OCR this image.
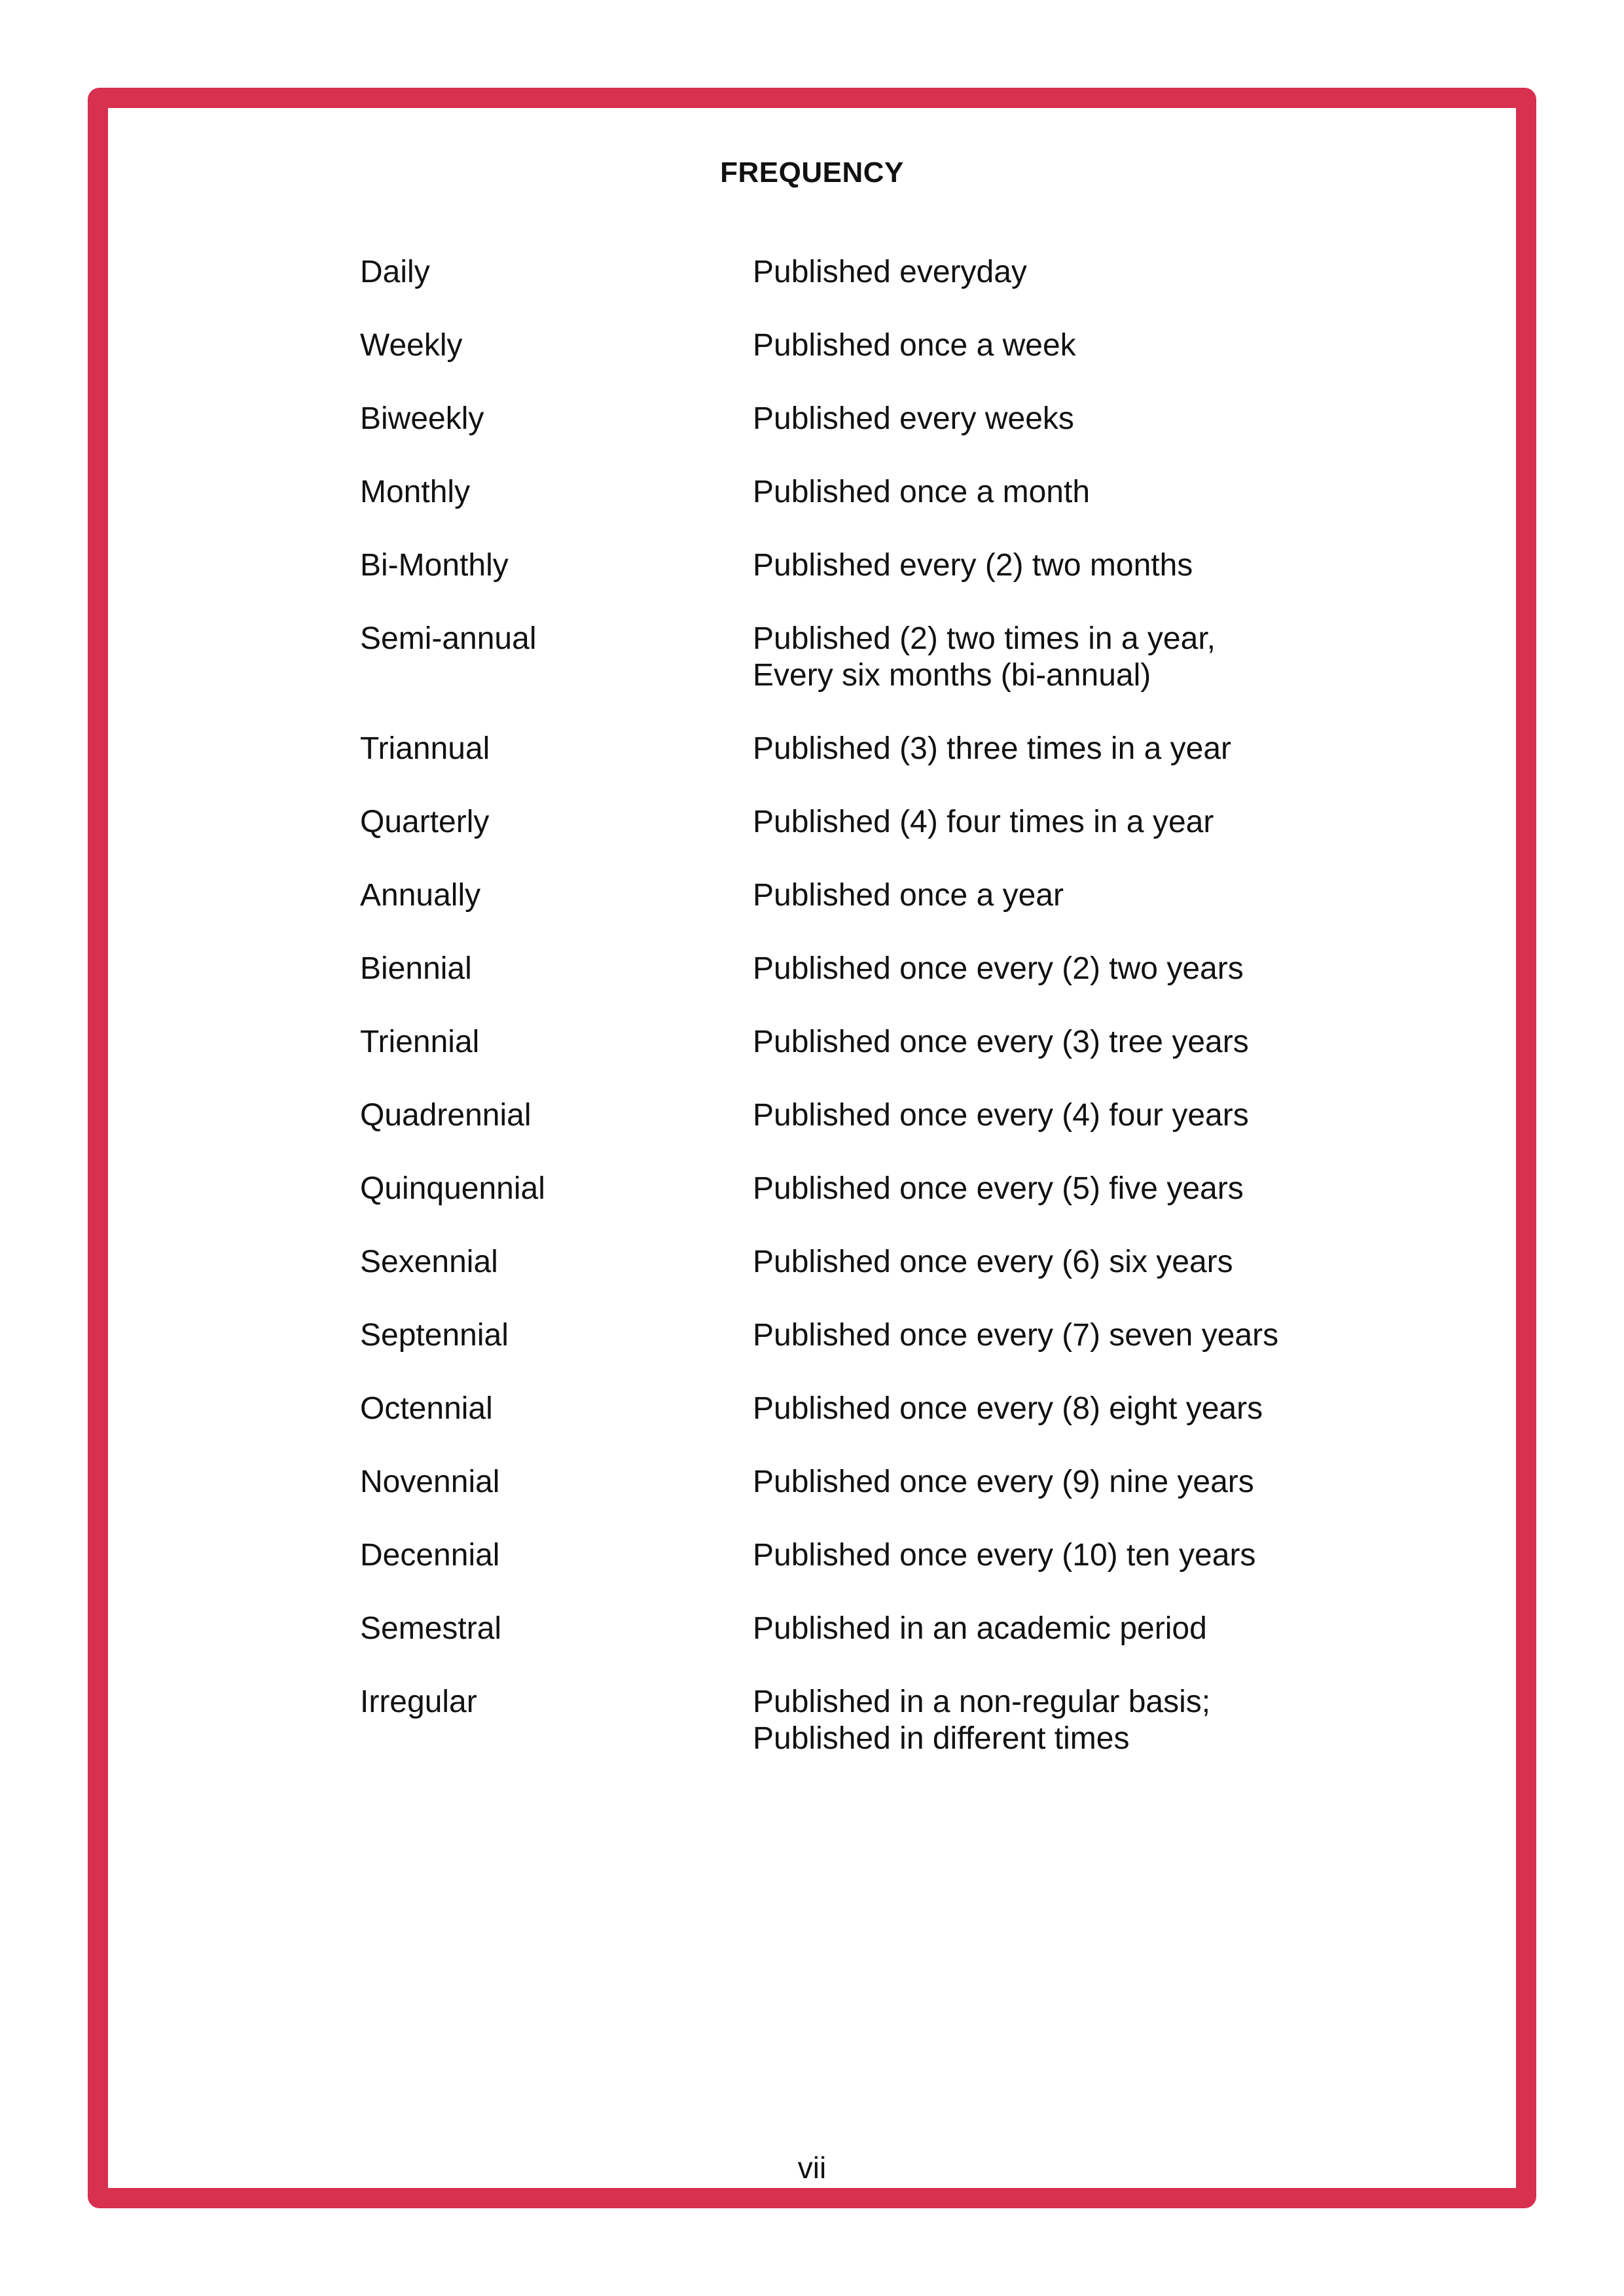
FREQUENCY
Daily	Published everyday
Weekly	Published once a week
Biweekly	Published every weeks
Monthly	Published once a month
Bi-Monthly	Published every (2) two months
Semi-annual	Published (2) two times in a year,
Every six months (bi-annual)
Triannual	Published (3) three times in a year
Quarterly	Published (4) four times in a year
Annually	Published once a year
Biennial	Published once every (2) two years
Triennial	Published once every (3) tree years
Quadrennial	Published once every (4) four years
Quinquennial	Published once every (5) five years
Sexennial	Published once every (6) six years
Septennial	Published once every (7) seven years
Octennial	Published once every (8) eight years
Novennial	Published once every (9) nine years
Decennial	Published once every (10) ten years
Semestral	Published in an academic period
Irregular	Published in a non-regular basis;
Published in different times
vii
